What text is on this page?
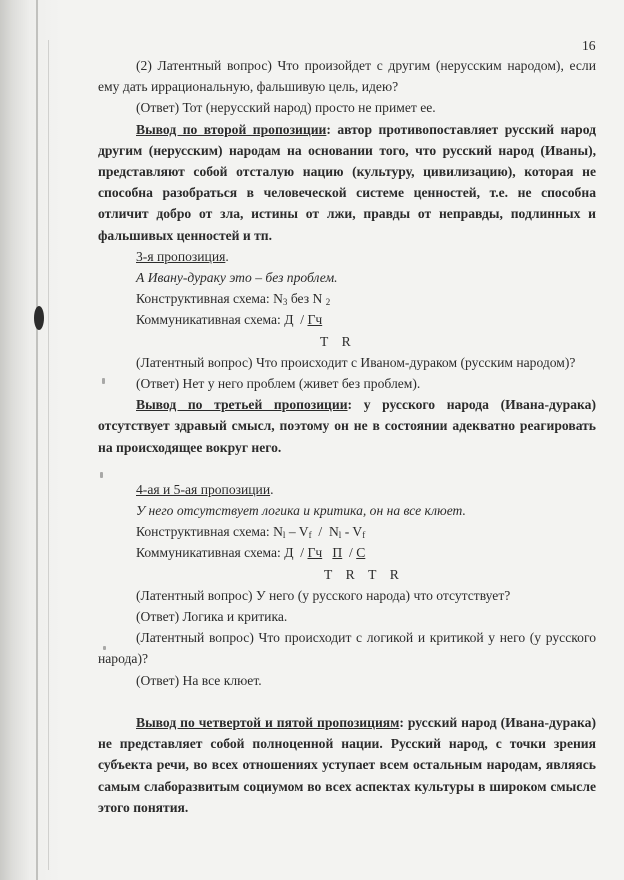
16

(2) Латентный вопрос) Что произойдет с другим (нерусским народом), если ему дать иррациональную, фальшивую цель, идею?

(Ответ) Тот (нерусский народ) просто не примет ее.

Вывод по второй пропозиции: автор противопоставляет русский народ другим (нерусским) народам на основании того, что русский народ (Иваны), представляют собой отсталую нацию (культуру, цивилизацию), которая не способна разобраться в человеческой системе ценностей, т.е. не способна отличит добро от зла, истины от лжи, правды от неправды, подлинных и фальшивых ценностей и тп.

3-я пропозиция.

А Ивану-дураку это – без проблем.

Конструктивная схема: $N_3$ без N $_2$

Коммуникативная схема: Д  / Гч

T    R

(Латентный вопрос) Что происходит с Иваном-дураком (русским народом)?

(Ответ) Нет у него проблем (живет без проблем).

Вывод по третьей пропозиции: у русского народа (Ивана-дурака) отсутствует здравый смысл, поэтому он не в состоянии адекватно реагировать на происходящее вокруг него.

4-ая и 5-ая пропозиции.

У него отсутствует логика и критика, он на все клюет.

Конструктивная схема: $N_l - V_f / N_l - V_f$

Коммуникативная схема: Д  / Гч П  / С

T    R    T    R

(Латентный вопрос) У него (у русского народа) что отсутствует?

(Ответ) Логика и критика.

(Латентный вопрос) Что происходит с логикой и критикой у него (у русского народа)?

(Ответ) На все клюет.

Вывод по четвертой и пятой пропозициям: русский народ (Ивана-дурака) не представляет собой полноценной нации. Русский народ, с точки зрения субъекта речи, во всех отношениях уступает всем остальным народам, являясь самым слаборазвитым социумом во всех аспектах культуры в широком смысле этого понятия.
